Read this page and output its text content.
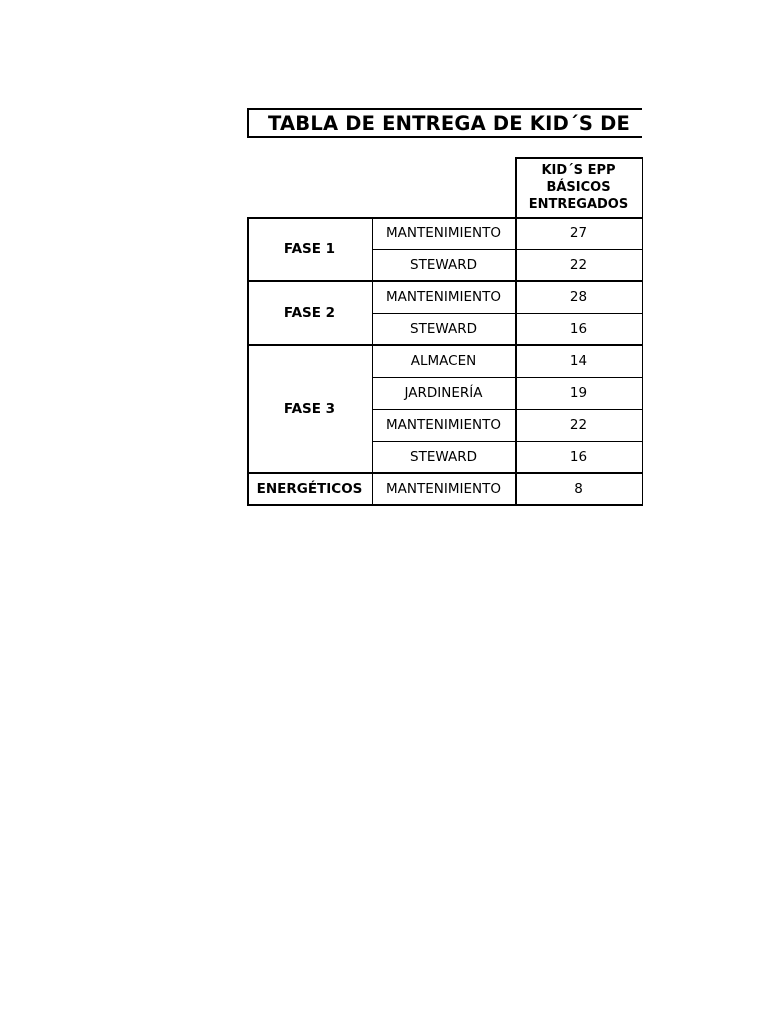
TABLA DE ENTREGA DE KID´S DE
KID´S EPP BÁSICOS ENTREGADOS
FASE 1
MANTENIMIENTO	27
STEWARD	22
FASE 2
MANTENIMIENTO	28
STEWARD	16
FASE 3
ALMACEN	14
JARDINERÍA	19
MANTENIMIENTO	22
STEWARD	16
ENERGÉTICOS	MANTENIMIENTO	8
